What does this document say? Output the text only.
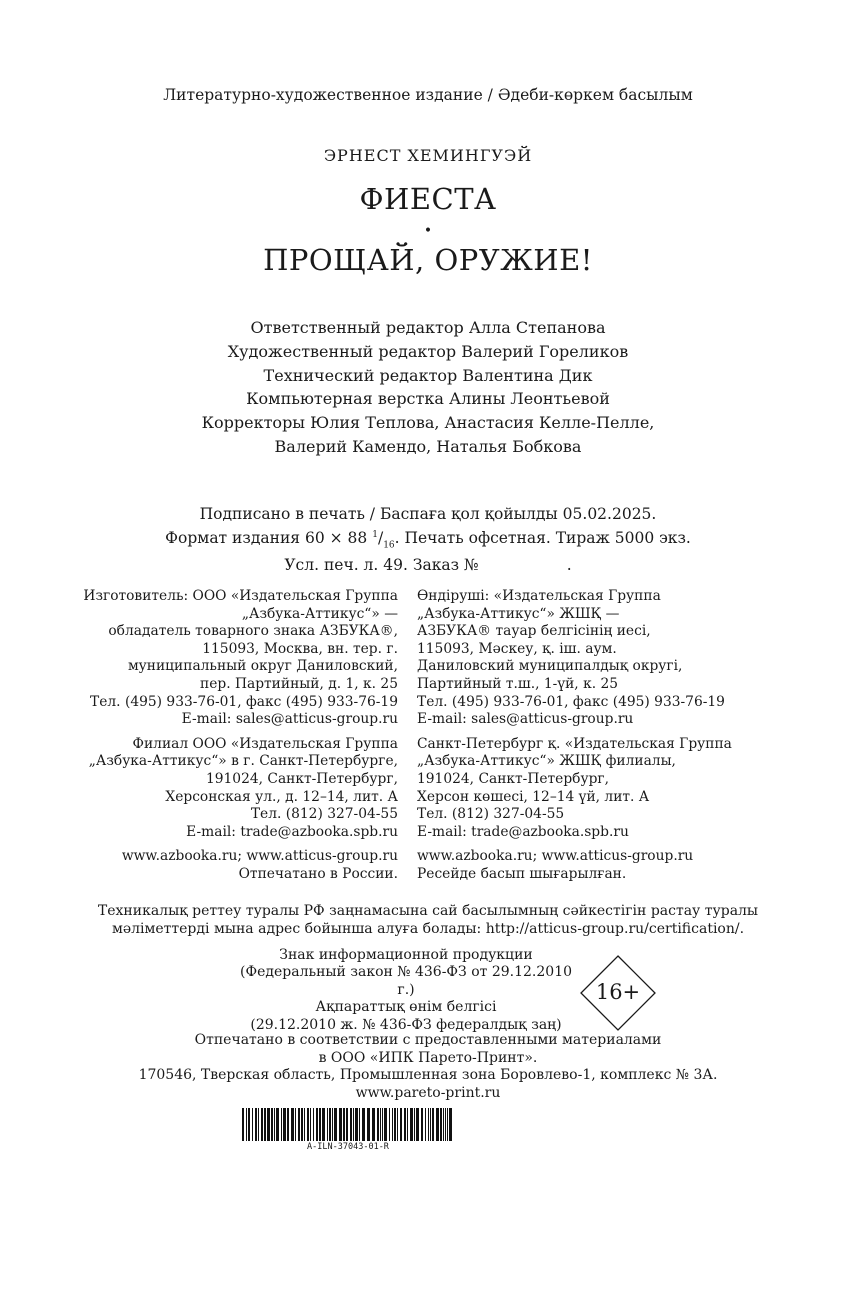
Литературно-художественное издание / Әдеби-көркем басылым
ЭРНЕСТ ХЕМИНГУЭЙ
ФИЕСТА
•
ПРОЩАЙ, ОРУЖИЕ!
Ответственный редактор Алла Степанова
Художественный редактор Валерий Гореликов
Технический редактор Валентина Дик
Компьютерная верстка Алины Леонтьевой
Корректоры Юлия Теплова, Анастасия Келле-Пелле,
Валерий Камендо, Наталья Бобкова
Подписано в печать / Баспаға қол қойылды 05.02.2025.
Формат издания 60 × 88 $^1/_{16}$. Печать офсетная. Тираж 5000 экз.
Усл. печ. л. 49. Заказ №	.
Изготовитель: ООО «Издательская Группа
„Азбука-Аттикус“» —
обладатель товарного знака АЗБУКА®,
115093, Москва, вн. тер. г.
муниципальный округ Даниловский,
пер. Партийный, д. 1, к. 25
Тел. (495) 933-76-01, факс (495) 933-76-19
E-mail: sales@atticus-group.ru
Филиал ООО «Издательская Группа
„Азбука-Аттикус“» в г. Санкт-Петербурге,
191024, Санкт-Петербург,
Херсонская ул., д. 12–14, лит. А
Тел. (812) 327-04-55
E-mail: trade@azbooka.spb.ru
www.azbooka.ru; www.atticus-group.ru
Отпечатано в России.
Өндіруші: «Издательская Группа
„Азбука-Аттикус“» ЖШҚ —
АЗБУКА® тауар белгісінің иесі,
115093, Мәскеу, қ. іш. аум.
Даниловский муниципалдық округі,
Партийный т.ш., 1-үй, к. 25
Тел. (495) 933-76-01, факс (495) 933-76-19
E-mail: sales@atticus-group.ru
Санкт-Петербург қ. «Издательская Группа
„Азбука-Аттикус“» ЖШҚ филиалы,
191024, Санкт-Петербург,
Херсон көшесі, 12–14 үй, лит. А
Тел. (812) 327-04-55
E-mail: trade@azbooka.spb.ru
www.azbooka.ru; www.atticus-group.ru
Ресейде басып шығарылған.
Техникалық реттеу туралы РФ заңнамасына сай басылымның сәйкестігін растау туралы
мәліметтерді мына адрес бойынша алуға болады: http://atticus-group.ru/certification/.
Знак информационной продукции
(Федеральный закон № 436-ФЗ от 29.12.2010 г.)
Ақпараттық өнім белгісі
(29.12.2010 ж. № 436-ФЗ федералдық заң)
16+
Отпечатано в соответствии с предоставленными материалами
в ООО «ИПК Парето-Принт».
170546, Тверская область, Промышленная зона Боровлево-1, комплекс № 3А.
www.pareto-print.ru
A-ILN-37043-01-R
